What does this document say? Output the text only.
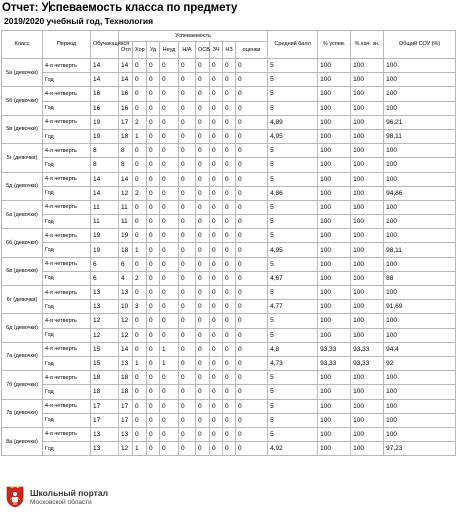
Отчет: Успеваемость класса по предмету
2019/2020 учебный год, Технология
Класс	Период	Обучающихся	Успеваемость									Средний балл	% успев.	% кач. зн.	Общий СОУ (%)
			Отл	Хор	Уд	Неуд	Н/А	ОСВ	ЗЧ	НЗ	оценки				
5а (девочки)	4-я четверть	14	14	0	0	0	0	0	0	0	0	5	100	100	100
	Год	14	14	0	0	0	0	0	0	0	0	5	100	100	100
5б (девочки)	4-я четверть	16	16	0	0	0	0	0	0	0	0	5	100	100	100
	Год	16	16	0	0	0	0	0	0	0	0	5	100	100	100
5в (девочки)	4-я четверть	19	17	2	0	0	0	0	0	0	0	4,89	100	100	96,21
	Год	19	18	1	0	0	0	0	0	0	0	4,95	100	100	98,11
5г (девочки)	4-я четверть	8	8	0	0	0	0	0	0	0	0	5	100	100	100
	Год	8	8	0	0	0	0	0	0	0	0	5	100	100	100
5д (девочки)	4-я четверть	14	14	0	0	0	0	0	0	0	0	5	100	100	100
	Год	14	12	2	0	0	0	0	0	0	0	4,86	100	100	94,86
6а (девочки)	4-я четверть	11	11	0	0	0	0	0	0	0	0	5	100	100	100
	Год	11	11	0	0	0	0	0	0	0	0	5	100	100	100
6б (девочки)	4-я четверть	19	19	0	0	0	0	0	0	0	0	5	100	100	100
	Год	19	18	1	0	0	0	0	0	0	0	4,95	100	100	98,11
6в (девочки)	4-я четверть	6	6	0	0	0	0	0	0	0	0	5	100	100	100
	Год	6	4	2	0	0	0	0	0	0	0	4,67	100	100	88
6г (девочки)	4-я четверть	13	13	0	0	0	0	0	0	0	0	5	100	100	100
	Год	13	10	3	0	0	0	0	0	0	0	4,77	100	100	91,69
6д (девочки)	4-я четверть	12	12	0	0	0	0	0	0	0	0	5	100	100	100
	Год	12	12	0	0	0	0	0	0	0	0	5	100	100	100
7а (девочки)	4-я четверть	15	14	0	0	1	0	0	0	0	0	4,8	93,33	93,33	94,4
	Год	15	13	1	0	1	0	0	0	0	0	4,73	93,33	93,33	92
7б (девочки)	4-я четверть	18	18	0	0	0	0	0	0	0	0	5	100	100	100
	Год	18	18	0	0	0	0	0	0	0	0	5	100	100	100
7в (девочки)	4-я четверть	17	17	0	0	0	0	0	0	0	0	5	100	100	100
	Год	17	17	0	0	0	0	0	0	0	0	5	100	100	100
8а (девочки)	4-я четверть	13	13	0	0	0	0	0	0	0	0	5	100	100	100
	Год	13	12	1	0	0	0	0	0	0	0	4,92	100	100	97,23
Школьный портал
Московской области
